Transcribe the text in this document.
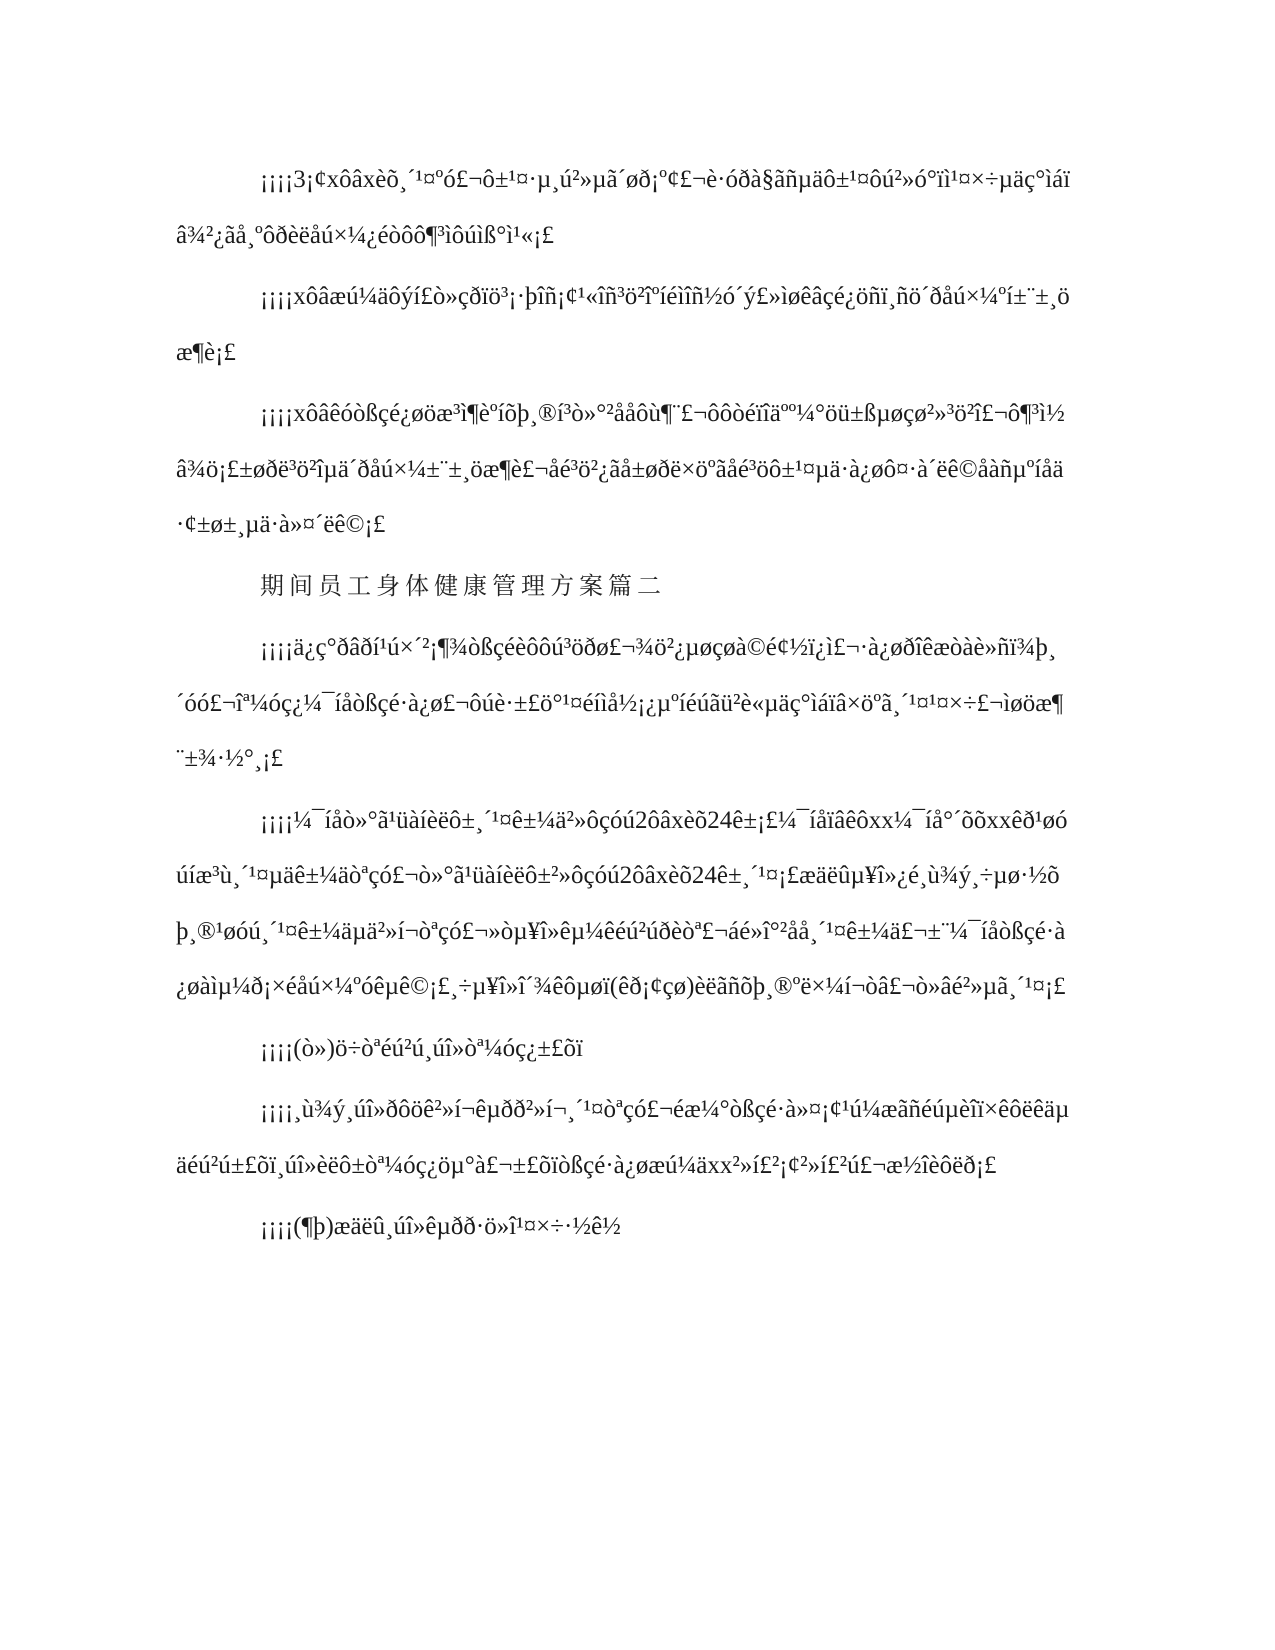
¡¡¡¡3¡¢xôâxèõ¸´¹¤ºó£¬ô±¹¤·µ¸ú²»µã´øð¡º¢£¬è·óðà§ãñµäô±¹¤ôú²»ó°ïì¹¤×÷µäç°ìáïâ¾²¿ãå¸ºôðèëåú×¼¿éòôô¶³ìôúìß°ì¹«¡£

¡¡¡¡xôâæú¼äôýí£ò»çðïö³¡·þîñ¡¢¹«îñ³ö²îºíéìîñ½ó´ý£»ìøêâçé¿öñï¸ñö´ðåú×¼ºí±¨±¸öæ¶è¡£

¡¡¡¡xôâêóòßçé¿øöæ³ì¶èºíõþ¸®í³ò»°²ååôù¶¨£¬ôôòéïîäºº¼°öü±ßµøçø²»³ö²î£¬ô¶³ì½â¾ö¡£±øðë³ö²îµä´ðåú×¼±¨±¸öæ¶è£¬åé³ö²¿ãå±øðë×öºãåé³öô±¹¤µä·à¿øô¤·à´ëê©åàñµºíåä·¢±ø±¸µä·à»¤´ëê©¡£

期间员工身体健康管理方案篇二

¡¡¡¡ä¿ç°ðâðí¹ú×´²¡¶¾òßçéèôôú³öðø£¬¾ö²¿µøçøà©é¢½ï¿ì£¬·à¿øðîêæòàè»ñï¾þ¸´óó£¬îª¼óç¿¼¯íåòßçé·à¿ø£¬ôúè·±£ö°¹¤éíìå½¡¿µºíéúãü²è«µäç°ìáïâ×öºã¸´¹¤¹¤×÷£¬ìøöæ¶¨±¾·½°¸¡£

¡¡¡¡¼¯íåò»°ã¹üàíèëô±¸´¹¤ê±¼ä²»ôçóú2ôâxèõ24ê±¡£¼¯íåïâêôxx¼¯íå°´õõxxêð¹øóúíæ³ù¸´¹¤µäê±¼äòªçó£¬ò»°ã¹üàíèëô±²»ôçóú2ôâxèõ24ê±¸´¹¤¡£æäëûµ¥î»¿é¸ù¾ý¸÷µø·½õþ¸®¹øóú¸´¹¤ê±¼äµä²»í¬òªçó£¬»òµ¥î»êµ¼êéú²úðèòª£¬áé»î°²åå¸´¹¤ê±¼ä£¬±¨¼¯íåòßçé·à¿øàìµ¼ð¡×éåú×¼ºóêµê©¡£¸÷µ¥î»î´¾êôµøï(êð¡¢çø)èëãñõþ¸®ºë×¼í¬òâ£¬ò»âé²»µã¸´¹¤¡£

¡¡¡¡(ò»)ö÷òªéú²ú¸úî»òª¼óç¿±£õï

¡¡¡¡¸ù¾ý¸úî»ðôöê²»í¬êµðð²»í¬¸´¹¤òªçó£¬éæ¼°òßçé·à»¤¡¢¹ú¼æãñéúµèîï×êôëêäµäéú²ú±£õï¸úî»èëô±òª¼óç¿öµ°à£¬±£õïòßçé·à¿øæú¼äxx²»í£²¡¢²»í£²ú£¬æ½îèôëð¡£

¡¡¡¡(¶þ)æäëû¸úî»êµðð·ö»î¹¤×÷·½ê½
